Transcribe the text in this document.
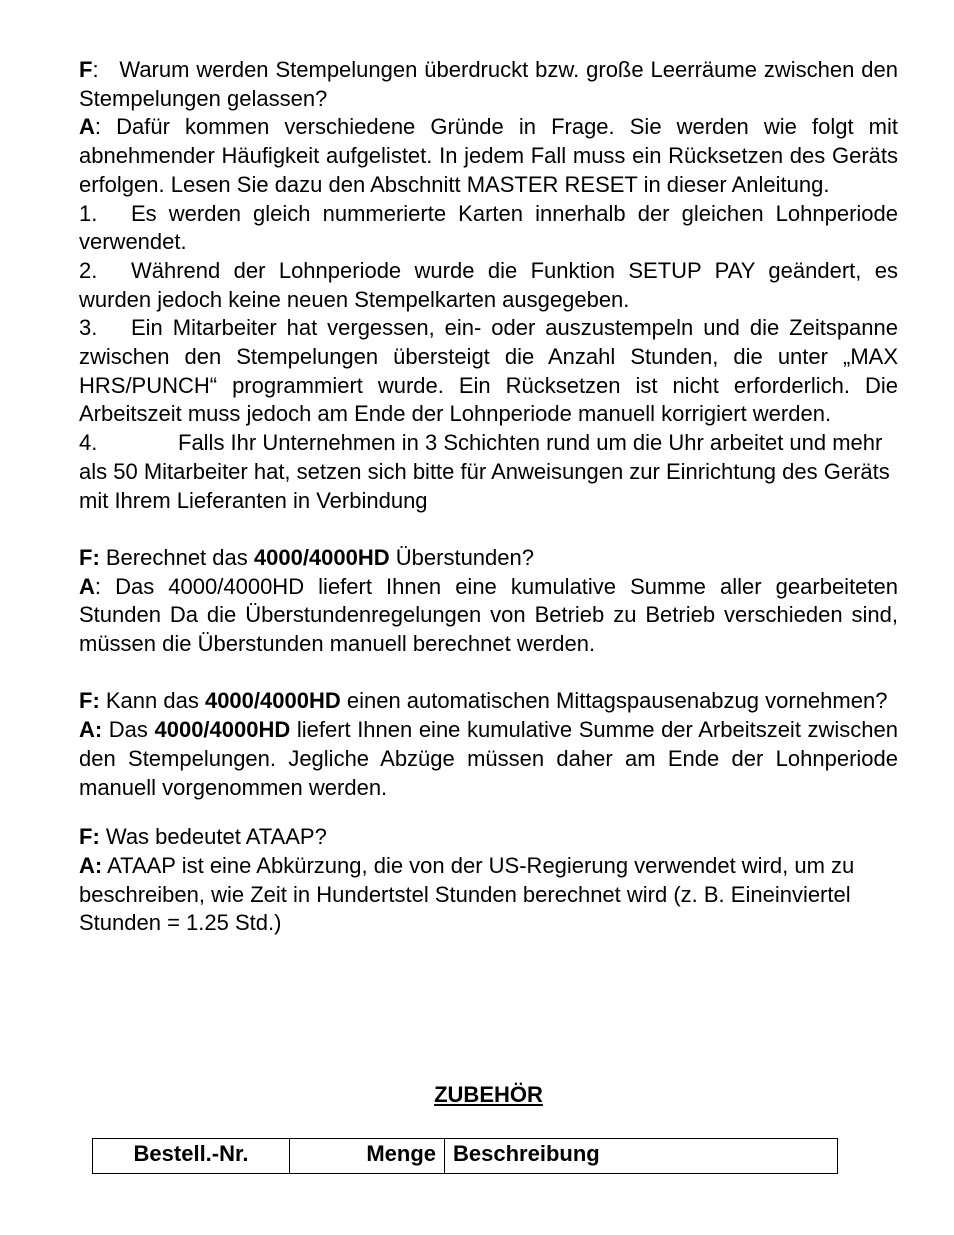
F:   Warum werden Stempelungen überdruckt bzw. große Leerräume zwischen den Stempelungen gelassen?

A: Dafür kommen verschiedene Gründe in Frage. Sie werden wie folgt mit abnehmender Häufigkeit aufgelistet. In jedem Fall muss ein Rücksetzen des Geräts erfolgen. Lesen Sie dazu den Abschnitt MASTER RESET in dieser Anleitung.

1. Es werden gleich nummerierte Karten innerhalb der gleichen Lohnperiode verwendet.

2. Während der Lohnperiode wurde die Funktion SETUP PAY geändert, es wurden jedoch keine neuen Stempelkarten ausgegeben.

3. Ein Mitarbeiter hat vergessen, ein- oder auszustempeln und die Zeitspanne zwischen den Stempelungen übersteigt die Anzahl Stunden, die unter „MAX HRS/PUNCH“ programmiert wurde. Ein Rücksetzen ist nicht erforderlich. Die Arbeitszeit muss jedoch am Ende der Lohnperiode manuell korrigiert werden.

4.	Falls Ihr Unternehmen in 3 Schichten rund um die Uhr arbeitet und mehr als 50 Mitarbeiter hat, setzen sich bitte für Anweisungen zur Einrichtung des Geräts mit Ihrem Lieferanten in Verbindung

F: Berechnet das 4000/4000HD Überstunden?

A: Das 4000/4000HD liefert Ihnen eine kumulative Summe aller gearbeiteten Stunden Da die Überstundenregelungen von Betrieb zu Betrieb verschieden sind, müssen die Überstunden manuell berechnet werden.

F: Kann das 4000/4000HD einen automatischen Mittagspausenabzug vornehmen?

A: Das 4000/4000HD liefert Ihnen eine kumulative Summe der Arbeitszeit zwischen den Stempelungen. Jegliche Abzüge müssen daher am Ende der Lohnperiode manuell vorgenommen werden.

F: Was bedeutet ATAAP?

A: ATAAP ist eine Abkürzung, die von der US-Regierung verwendet wird, um zu beschreiben, wie Zeit in Hundertstel Stunden berechnet wird (z. B. Eineinviertel Stunden = 1.25 Std.)

ZUBEHÖR

Bestell.-Nr.	Menge	Beschreibung
